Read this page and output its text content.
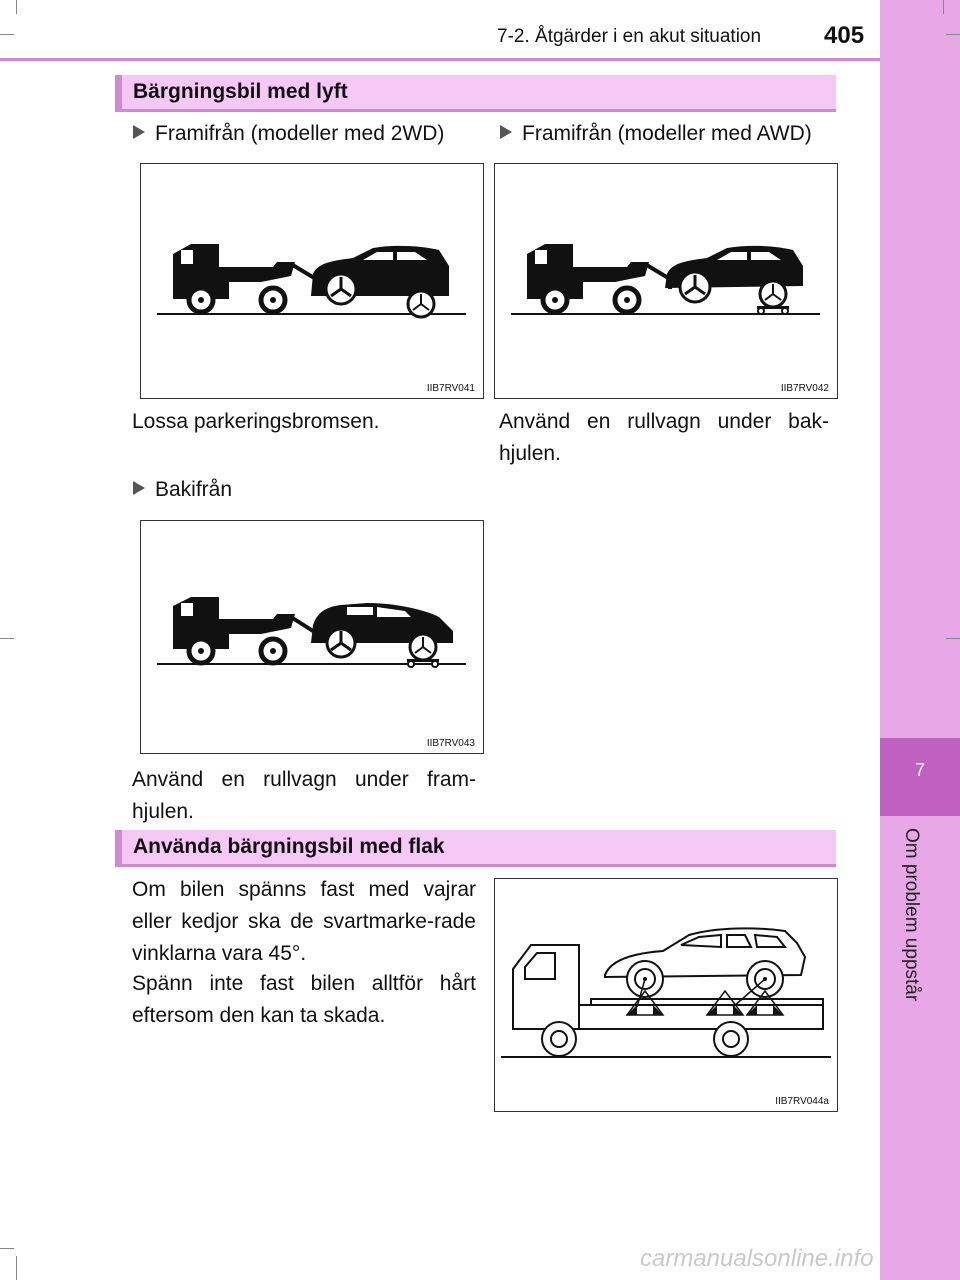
7
Om problem uppstår
7-2. Åtgärder i en akut situation	405
Bärgningsbil med lyft
Framifrån (modeller med 2WD)	Framifrån (modeller med AWD)
IIB7RV041	IIB7RV042
Lossa parkeringsbromsen.	Använd en rullvagn under bak-hjulen.
Bakifrån
IIB7RV043
Använd en rullvagn under fram-hjulen.
Använda bärgningsbil med flak
Om bilen spänns fast med vajrar eller kedjor ska de svartmarke-rade vinklarna vara 45°.
Spänn inte fast bilen alltför hårt eftersom den kan ta skada.
IIB7RV044a
carmanualsonline.info
